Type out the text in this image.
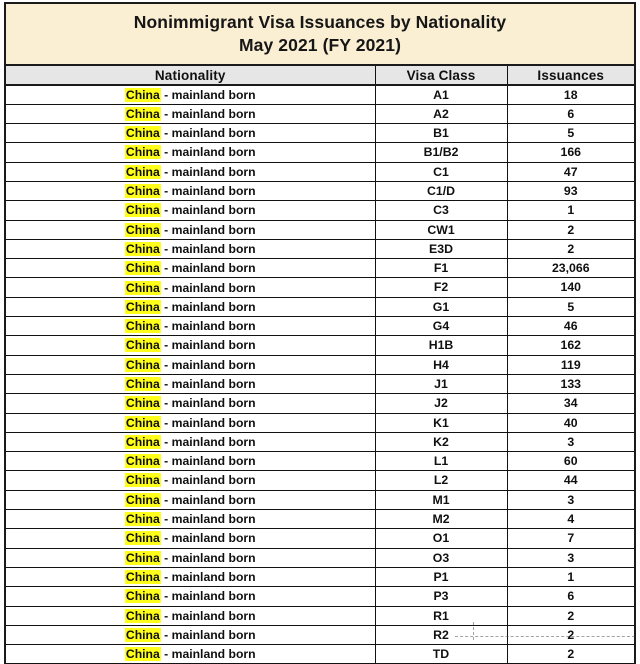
Nonimmigrant Visa Issuances by Nationality
May 2021 (FY 2021)
Nationality	Visa Class	Issuances
China - mainland born	A1	18
China - mainland born	A2	6
China - mainland born	B1	5
China - mainland born	B1/B2	166
China - mainland born	C1	47
China - mainland born	C1/D	93
China - mainland born	C3	1
China - mainland born	CW1	2
China - mainland born	E3D	2
China - mainland born	F1	23,066
China - mainland born	F2	140
China - mainland born	G1	5
China - mainland born	G4	46
China - mainland born	H1B	162
China - mainland born	H4	119
China - mainland born	J1	133
China - mainland born	J2	34
China - mainland born	K1	40
China - mainland born	K2	3
China - mainland born	L1	60
China - mainland born	L2	44
China - mainland born	M1	3
China - mainland born	M2	4
China - mainland born	O1	7
China - mainland born	O3	3
China - mainland born	P1	1
China - mainland born	P3	6
China - mainland born	R1	2
China - mainland born	R2	2
China - mainland born	TD	2
